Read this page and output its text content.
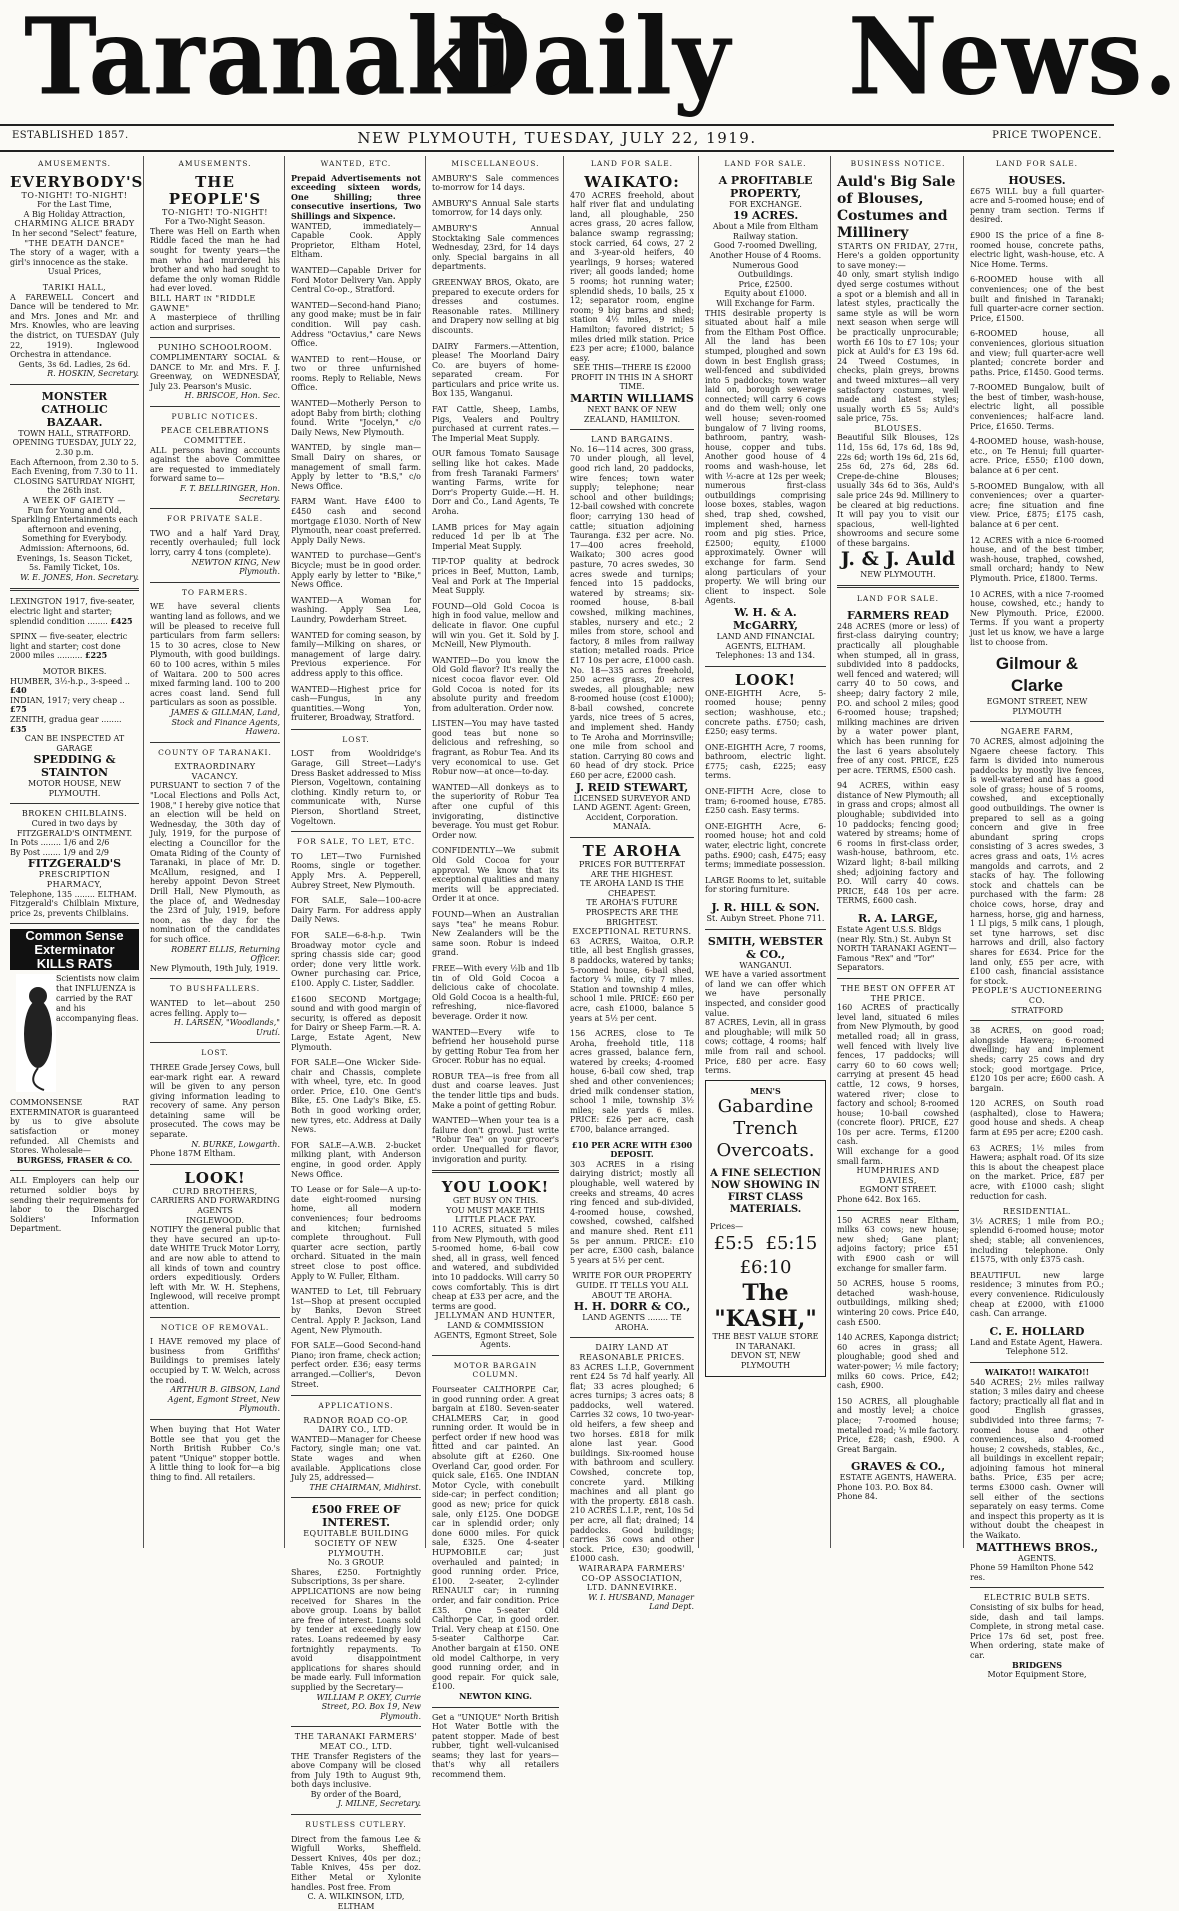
Taranaki
Daily News.
ESTABLISHED 1857.	NEW PLYMOUTH, TUESDAY, JULY 22, 1919.	PRICE TWOPENCE.
AMUSEMENTS.
EVERYBODY'S
TO-NIGHT! TO-NIGHT!
For the Last Time,
A Big Holiday Attraction,
CHARMING ALICE BRADY
In her second "Select" feature,
"THE DEATH DANCE"
The story of a wager, with a girl's innocence as the stake.
Usual Prices,
TARIKI HALL,
A FAREWELL Concert and Dance will be tendered to Mr. and Mrs. Jones and Mr. and Mrs. Knowles, who are leaving the district, on TUESDAY (July 22, 1919). Inglewood Orchestra in attendance.
Gents, 3s 6d. Ladies, 2s 6d.
R. HOSKIN, Secretary.
MONSTER
CATHOLIC
BAZAAR.
TOWN HALL, STRATFORD.
OPENING TUESDAY, JULY 22, 2.30 p.m.
Each Afternoon, from 2.30 to 5. Each Evening, from 7.30 to 11.
CLOSING SATURDAY NIGHT, the 26th inst.
A WEEK OF GAIETY —
Fun for Young and Old,
Sparkling Entertainments each afternoon and evening,
Something for Everybody.
Admission: Afternoons, 6d. Evenings, 1s. Season Ticket, 5s. Family Ticket, 10s.
W. E. JONES, Hon. Secretary.
LEXINGTON 1917, five-seater, electric light and starter; splendid condition ........ £425
SPINX — five-seater, electric light and starter; cost done 2000 miles .......... £225
MOTOR BIKES.
HUMBER, 3½-h.p., 3-speed .. £40
INDIAN, 1917; very cheap .. £75
ZENITH, gradua gear ........ £35
CAN BE INSPECTED AT GARAGE
SPEDDING & STAINTON
MOTOR HOUSE, NEW PLYMOUTH.
BROKEN CHILBLAINS.
Cured in two days by FITZGERALD'S OINTMENT.
In Pots ........ 1/6 and 2/6
By Post ....... 1/9 and 2/9
FITZGERALD'S
PRESCRIPTION PHARMACY,
Telephone, 135 ........ ELTHAM.
Fitzgerald's Chilblain Mixture, price 2s, prevents Chilblains.
Common Sense
Exterminator
KILLS RATS
Scientists now claim that INFLUENZA is carried by the RAT and his accompanying fleas.
COMMONSENSE RAT EXTERMINATOR is guaranteed by us to give absolute satisfaction or money refunded. All Chemists and Stores. Wholesale—
BURGESS, FRASER & CO.
ALL Employers can help our returned soldier boys by sending their requirements for labor to the Discharged Soldiers' Information Department.
AMUSEMENTS.
THE PEOPLE'S
TO-NIGHT! TO-NIGHT!
For a Two-Night Season.
There was Hell on Earth when Riddle faced the man he had sought for twenty years—the man who had murdered his brother and who had sought to defame the only woman Riddle had ever loved.
BILL HART in "RIDDLE GAWNE"
A masterpiece of thrilling action and surprises.
PUNIHO SCHOOLROOM.
COMPLIMENTARY SOCIAL & DANCE to Mr. and Mrs. F. J. Greenway, on WEDNESDAY, July 23. Pearson's Music.
H. BRISCOE, Hon. Sec.
PUBLIC NOTICES.
PEACE CELEBRATIONS COMMITTEE.
ALL persons having accounts against the above Committee are requested to immediately forward same to—
F. T. BELLRINGER, Hon. Secretary.
FOR PRIVATE SALE.
TWO and a half Yard Dray, recently overhauled; full lock lorry, carry 4 tons (complete).
NEWTON KING, New Plymouth.
TO FARMERS.
WE have several clients wanting land as follows, and we will be pleased to receive full particulars from farm sellers: 15 to 30 acres, close to New Plymouth, with good buildings. 60 to 100 acres, within 5 miles of Waitara. 200 to 500 acres mixed farming land. 100 to 200 acres coast land. Send full particulars as soon as possible.
JAMES & GILLMAN, Land, Stock and Finance Agents, Hawera.
COUNTY OF TARANAKI.
EXTRAORDINARY VACANCY.
PURSUANT to section 7 of the "Local Elections and Polls Act, 1908," I hereby give notice that an election will be held on Wednesday, the 30th day of July, 1919, for the purpose of electing a Councillor for the Omata Riding of the County of Taranaki, in place of Mr. D. McAllum, resigned, and I hereby appoint Devon Street Drill Hall, New Plymouth, as the place of, and Wednesday the 23rd of July, 1919, before noon, as the day for the nomination of the candidates for such office.
ROBERT ELLIS, Returning Officer.
New Plymouth, 19th July, 1919.
TO BUSHFALLERS.
WANTED to let—about 250 acres felling. Apply to—
H. LARSEN, "Woodlands," Urutí.
LOST.
THREE Grade Jersey Cows, bull ear-mark right ear. A reward will be given to any person giving information leading to recovery of same. Any person detaining same will be prosecuted. The cows may be separate.
N. BURKE, Lowgarth.
Phone 187M Eltham.
LOOK!
CURD BROTHERS,
CARRIERS AND FORWARDING AGENTS
INGLEWOOD.
NOTIFY the general public that they have secured an up-to-date WHITE Truck Motor Lorry, and are now able to attend to all kinds of town and country orders expeditiously. Orders left with Mr. W. H. Stephens, Inglewood, will receive prompt attention.
NOTICE OF REMOVAL.
I HAVE removed my place of business from Griffiths' Buildings to premises lately occupied by T. W. Welch, across the road.
ARTHUR B. GIBSON, Land Agent, Egmont Street, New Plymouth.
When buying that Hot Water Bottle see that you get the North British Rubber Co.'s patent "Unique" stopper bottle. A little thing to look for—a big thing to find. All retailers.
WANTED, ETC.
Prepaid Advertisements not exceeding sixteen words, One Shilling; three consecutive insertions, Two Shillings and Sixpence.
WANTED, immediately—Capable Cook. Apply Proprietor, Eltham Hotel, Eltham.
WANTED—Capable Driver for Ford Motor Delivery Van. Apply Central Co-op., Stratford.
WANTED—Second-hand Piano; any good make; must be in fair condition. Will pay cash. Address "Octavius," care News Office.
WANTED to rent—House, or two or three unfurnished rooms. Reply to Reliable, News Office.
WANTED—Motherly Person to adopt Baby from birth; clothing found. Write "Jocelyn," c/o Daily News, New Plymouth.
WANTED, by single man—Small Dairy on shares, or management of small farm. Apply by letter to "B.S," c/o News Office.
FARM Want. Have £400 to £450 cash and second mortgage £1030. North of New Plymouth, near coast preferred. Apply Daily News.
WANTED to purchase—Gent's Bicycle; must be in good order. Apply early by letter to "Bike," News Office.
WANTED—A Woman for washing. Apply Sea Lea, Laundry, Powderham Street.
WANTED for coming season, by family—Milking on shares, or management of large dairy. Previous experience. For address apply to this office.
WANTED—Highest price for cash—Fungus, in any quantities.—Wong Yon, fruiterer, Broadway, Stratford.
LOST.
LOST from Wooldridge's Garage, Gill Street—Lady's Dress Basket addressed to Miss Pierson, Vogeltown, containing clothing. Kindly return to, or communicate with, Nurse Pierson, Shortland Street, Vogeltown.
FOR SALE, TO LET, ETC.
TO LET—Two Furnished Rooms, single or together. Apply Mrs. A. Pepperell, Aubrey Street, New Plymouth.
FOR SALE, Sale—100-acre Dairy Farm. For address apply Daily News.
FOR SALE—6-8-h.p. Twin Broadway motor cycle and spring chassis side car; good order; done very little work. Owner purchasing car. Price, £100. Apply C. Lister, Saddler.
£1600 SECOND Mortgage; sound and with good margin of security, is offered as deposit for Dairy or Sheep Farm.—R. A. Large, Estate Agent, New Plymouth.
FOR SALE—One Wicker Side-chair and Chassis, complete with wheel, tyre, etc. In good order. Price, £10. One Gent's Bike, £5. One Lady's Bike, £5. Both in good working order, new tyres, etc. Address at Daily News.
FOR SALE—A.W.B. 2-bucket milking plant, with Anderson engine, in good order. Apply News Office.
TO Lease or for Sale—A up-to-date eight-roomed nursing home, all modern conveniences; four bedrooms and kitchen; furnished complete throughout. Full quarter acre section, partly orchard. Situated in the main street close to post office. Apply to W. Fuller, Eltham.
WANTED to Let, till February 1st—Shop at present occupied by Banks, Devon Street Central. Apply P. Jackson, Land Agent, New Plymouth.
FOR SALE—Good Second-hand Piano; iron frame, check action; perfect order. £36; easy terms arranged.—Collier's, Devon Street.
APPLICATIONS.
RADNOR ROAD CO-OP. DAIRY CO., LTD.
WANTED—Manager for Cheese Factory, single man; one vat. State wages and when available. Applications close July 25, addressed—
THE CHAIRMAN, Midhirst.
£500 FREE OF INTEREST.
EQUITABLE BUILDING SOCIETY OF NEW PLYMOUTH.
No. 3 GROUP.
Shares, £250. Fortnightly Subscriptions, 3s per share.
APPLICATIONS are now being received for Shares in the above group. Loans by ballot are free of interest. Loans sold by tender at exceedingly low rates. Loans redeemed by easy fortnightly repayments. To avoid disappointment applications for shares should be made early. Full information supplied by the Secretary—
WILLIAM P. OKEY, Currie Street, P.O. Box 19, New Plymouth.
THE TARANAKI FARMERS' MEAT CO., LTD.
THE Transfer Registers of the above Company will be closed from July 19th to August 9th, both days inclusive.
By order of the Board,
J. MILNE, Secretary.
RUSTLESS CUTLERY.
Direct from the famous Lee & Wigfull Works, Sheffield. Dessert Knives, 40s per doz.; Table Knives, 45s per doz. Either Metal or Xylonite handles. Post free. From
C. A. WILKINSON, LTD, ELTHAM
MISCELLANEOUS.
AMBURY'S Sale commences to-morrow for 14 days.
AMBURY'S Annual Sale starts tomorrow, for 14 days only.
AMBURY'S Annual Stocktaking Sale commences Wednesday, 23rd, for 14 days only. Special bargains in all departments.
GREENWAY BROS, Okato, are prepared to execute orders for dresses and costumes. Reasonable rates. Millinery and Drapery now selling at big discounts.
DAIRY Farmers.—Attention, please! The Moorland Dairy Co. are buyers of home-separated cream. For particulars and price write us. Box 135, Wanganui.
FAT Cattle, Sheep, Lambs, Pigs, Vealers and Poultry purchased at current rates.—The Imperial Meat Supply.
OUR famous Tomato Sausage selling like hot cakes. Made from fresh Taranaki Farmers' wanting Farms, write for Dorr's Property Guide.—H. H. Dorr and Co., Land Agents, Te Aroha.
LAMB prices for May again reduced 1d per lb at The Imperial Meat Supply.
TIP-TOP quality at bedrock prices in Beef, Mutton, Lamb, Veal and Pork at The Imperial Meat Supply.
FOUND—Old Gold Cocoa is high in food value, mellow and delicate in flavor. One cupful will win you. Get it. Sold by J. McNeill, New Plymouth.
WANTED—Do you know the Old Gold flavor? It's really the nicest cocoa flavor ever. Old Gold Cocoa is noted for its absolute purity and freedom from adulteration. Order now.
LISTEN—You may have tasted good teas but none so delicious and refreshing, so fragrant, as Robur Tea. And its very economical to use. Get Robur now—at once—to-day.
WANTED—All donkeys as to the superiority of Robur Tea after one cupful of this invigorating, distinctive beverage. You must get Robur. Order now.
CONFIDENTLY—We submit Old Gold Cocoa for your approval. We know that its exceptional qualities and many merits will be appreciated. Order it at once.
FOUND—When an Australian says "tea" he means Robur. New Zealanders will be the same soon. Robur is indeed grand.
FREE—With every ½lb and 1lb tin of Old Gold Cocoa a delicious cake of chocolate. Old Gold Cocoa is a health-ful, refreshing, nice-flavored beverage. Order it now.
WANTED—Every wife to befriend her household purse by getting Robur Tea from her Grocer. Robur has no equal.
ROBUR TEA—is free from all dust and coarse leaves. Just the tender little tips and buds. Make a point of getting Robur.
WANTED—When your tea is a failure don't growl. Just write "Robur Tea" on your grocer's order. Unequalled for flavor, invigoration and purity.
YOU LOOK!
GET BUSY ON THIS.
YOU MUST MAKE THIS LITTLE PLACE PAY.
110 ACRES, situated 5 miles from New Plymouth, with good 5-roomed home, 6-bail cow shed, all in grass, well fenced and watered, and subdivided into 10 paddocks. Will carry 50 cows comfortably. This is dirt cheap at £33 per acre, and the terms are good.
JELLYMAN AND HUNTER,
LAND & COMMISSION AGENTS, Egmont Street, Sole Agents.
MOTOR BARGAIN COLUMN.
Fourseater CALTHORPE Car, in good running order. A great bargain at £180. Seven-seater CHALMERS Car, in good running order. It would be in perfect order if new hood was fitted and car painted. An absolute gift at £260. One Overland Car, good order. For quick sale, £165. One INDIAN Motor Cycle, with conebuilt side-car; in perfect condition; good as new; price for quick sale, only £125. One DODGE car in splendid order; only done 6000 miles. For quick sale, £325. One 4-seater HUPMOBILE car; just overhauled and painted; in good running order. Price, £100. 2-seater, 2-cylinder RENAULT car; in running order, and fair condition. Price £35. One 5-seater Old Calthorpe Car, in good order. Trial. Very cheap at £150. One 5-seater Calthorpe Car. Another bargain at £150. ONE old model Calthorpe, in very good running order, and in good repair. For quick sale, £100.
NEWTON KING.
Get a "UNIQUE" North British Hot Water Bottle with the patent stopper. Made of best rubber, tight well-vulcanised seams; they last for years—that's why all retailers recommend them.
LAND FOR SALE.
WAIKATO:
470 ACRES freehold, about half river flat and undulating land, all ploughable, 250 acres grass, 20 acres fallow, balance swamp regrassing; stock carried, 64 cows, 27 2 and 3-year-old heifers, 40 yearlings, 9 horses; watered river; all goods landed; home 5 rooms; hot running water; splendid sheds, 10 bails, 25 x 12; separator room, engine room; 9 big barns and shed; station 4½ miles, 9 miles Hamilton; favored district; 5 miles dried milk station. Price £23 per acre; £1000, balance easy.
SEE THIS—THERE IS £2000 PROFIT IN THIS IN A SHORT TIME.
MARTIN WILLIAMS
NEXT BANK OF NEW ZEALAND, HAMILTON.
LAND BARGAINS.
No. 16—114 acres, 300 grass, 70 under plough, all level, good rich land, 20 paddocks, wire fences; town water supply; telephone; near school and other buildings; 12-bail cowshed with concrete floor; carrying 130 head of cattle; situation adjoining Tauranga. £32 per acre. No. 17—400 acres freehold, Waikato; 300 acres good pasture, 70 acres swedes, 30 acres swede and turnips; fenced into 15 paddocks, watered by streams; six-roomed house, 8-bail cowshed, milking machines, stables, nursery and etc.; 2 miles from store, school and factory, 8 miles from railway station; metalled roads. Price £17 10s per acre, £1000 cash. No. 18—335 acres freehold, 250 acres grass, 20 acres swedes, all ploughable; new 8-roomed house (cost £1000); 8-bail cowshed, concrete yards, nice trees of 5 acres, and implement shed. Handy to Te Aroha and Morrinsville; one mile from school and station. Carrying 80 cows and 60 head of dry stock. Price £60 per acre, £2000 cash.
J. REID STEWART,
LICENSED SURVEYOR AND LAND AGENT. Agent: Green, Accident, Corporation.
MANAIA.
TE AROHA
PRICES FOR BUTTERFAT ARE THE HIGHEST.
TE AROHA LAND IS THE CHEAPEST.
TE AROHA'S FUTURE PROSPECTS ARE THE BRIGHTEST.
EXCEPTIONAL RETURNS.
63 ACRES, Waitoa, O.R.P. title, all best English grasses, 8 paddocks, watered by tanks; 5-roomed house, 6-bail shed, factory ¼ mile, city 7 miles. Station and township 4 miles, school 1 mile. PRICE: £60 per acre, cash £1000, balance 5 years at 5½ per cent.
156 ACRES, close to Te Aroha, freehold title, 118 acres grassed, balance fern, watered by creeks; 4-roomed house, 6-bail cow shed, trap shed and other conveniences; dried milk condenser station, school 1 mile, township 3½ miles; sale yards 6 miles. PRICE: £26 per acre, cash £700, balance arranged.
£10 PER ACRE WITH £300 DEPOSIT.
303 ACRES in a rising dairying district; mostly all ploughable, well watered by creeks and streams, 40 acres ring fenced and sub-divided, 4-roomed house, cowshed, cowshed, cowshed, calfshed and manure shed. Rent £11 5s per annum. PRICE: £10 per acre, £300 cash, balance 5 years at 5½ per cent.
WRITE FOR OUR PROPERTY GUIDE. IT TELLS YOU ALL ABOUT TE AROHA.
H. H. DORR & CO.,
LAND AGENTS ........ TE AROHA.
DAIRY LAND AT REASONABLE PRICES.
83 ACRES L.I.P., Government rent £24 5s 7d half yearly. All flat; 33 acres ploughed; 6 acres turnips; 3 acres oats; 8 paddocks, well watered. Carries 32 cows, 10 two-year-old heifers, a few sheep and two horses. £818 for milk alone last year. Good buildings. Six-roomed house with bathroom and scullery. Cowshed, concrete top, concrete yard. Milking machines and all plant go with the property. £818 cash. 210 ACRES L.I.P., rent, 10s 5d per acre, all flat; drained; 14 paddocks. Good buildings; carries 36 cows and other stock. Price, £30; goodwill, £1000 cash.
WAIRARAPA FARMERS' CO-OP ASSOCIATION, LTD. DANNEVIRKE.
W. I. HUSBAND, Manager Land Dept.
LAND FOR SALE.
A PROFITABLE PROPERTY,
FOR EXCHANGE.
19 ACRES.
About a Mile from Eltham Railway station.
Good 7-roomed Dwelling,
Another House of 4 Rooms.
Numerous Good Outbuildings.
Price, £2500.
Equity about £1000.
Will Exchange for Farm.
THIS desirable property is situated about half a mile from the Eltham Post Office. All the land has been stumped, ploughed and sown down in best English grass; well-fenced and subdivided into 5 paddocks; town water laid on, borough sewerage connected; will carry 6 cows and do them well; only one well house; seven-roomed bungalow of 7 living rooms, bathroom, pantry, wash-house, copper and tubs. Another good house of 4 rooms and wash-house, let with ½-acre at 12s per week; numerous first-class outbuildings comprising loose boxes, stables, wagon shed, trap shed, cowshed, implement shed, harness room and pig sties. Price, £2500; equity, £1000 approximately. Owner will exchange for farm. Send along particulars of your property. We will bring our client to inspect. Sole Agents.
W. H. & A. McGARRY,
LAND AND FINANCIAL AGENTS, ELTHAM.
Telephones: 13 and 134.
LOOK!
ONE-EIGHTH Acre, 5-roomed house; penny section; washhouse, etc.; concrete paths. £750; cash, £250; easy terms.
ONE-EIGHTH Acre, 7 rooms, bathroom, electric light. £775; cash, £225; easy terms.
ONE-FIFTH Acre, close to tram; 6-roomed house, £785. £250 cash. Easy terms.
ONE-EIGHTH Acre, 6-roomed house; hot and cold water, electric light, concrete paths. £900; cash, £475; easy terms; immediate possession.
LARGE Rooms to let, suitable for storing furniture.
J. R. HILL & SON.
St. Aubyn Street. Phone 711.
SMITH, WEBSTER & CO.,
WANGANUI.
WE have a varied assortment of land we can offer which we have personally inspected, and consider good value.
87 ACRES, Levin, all in grass and ploughable; will milk 50 cows; cottage, 4 rooms; half mile from rail and school. Price, £80 per acre. Easy terms.
MEN'S
Gabardine
Trench
Overcoats.
A FINE SELECTION NOW SHOWING IN FIRST CLASS MATERIALS.
Prices—
£5:5 £5:15
£6:10
The "KASH,"
THE BEST VALUE STORE IN TARANAKI.
DEVON ST, NEW PLYMOUTH
BUSINESS NOTICE.
Auld's Big Sale of Blouses, Costumes and Millinery
STARTS ON FRIDAY, 27th,
Here's a golden opportunity to save money:—
40 only, smart stylish indigo dyed serge costumes without a spot or a blemish and all in latest styles, practically the same style as will be worn next season when serge will be practically unprocurable; worth £6 10s to £7 10s; your pick at Auld's for £3 19s 6d. 24 Tweed Costumes, in checks, plain greys, browns and tweed mixtures—all very satisfactory costumes, well made and latest styles; usually worth £5 5s; Auld's sale price, 75s.
BLOUSES.
Beautiful Silk Blouses, 12s 11d, 15s 6d, 17s 6d, 18s 9d, 22s 6d; worth 19s 6d, 21s 6d, 25s 6d, 27s 6d, 28s 6d. Crepe-de-chine Blouses; usually 34s 6d to 36s, Auld's sale price 24s 9d. Millinery to be cleared at big reductions. It will pay you to visit our spacious, well-lighted showrooms and secure some of these bargains.
J. & J. Auld
NEW PLYMOUTH.
LAND FOR SALE.
FARMERS READ
248 ACRES (more or less) of first-class dairying country; practically all ploughable when stumped, all in grass, subdivided into 8 paddocks, well fenced and watered; will carry 40 to 50 cows, and sheep; dairy factory 2 mile, P.O. and school 2 miles; good 6-roomed house; trapshed; milking machines are driven by a water power plant, which has been running for the last 6 years absolutely free of any cost. PRICE, £25 per acre. TERMS, £500 cash.
94 ACRES, within easy distance of New Plymouth; all in grass and crops; almost all ploughable; subdivided into 10 paddocks; fencing good; watered by streams; home of 6 rooms in first-class order, wash-house, bathroom, etc. Wizard light; 8-bail milking shed; adjoining factory and P.O. Will carry 40 cows. PRICE, £48 10s per acre. TERMS, £600 cash.
R. A. LARGE,
Estate Agent U.S.S. Bldgs (near Rly. Stn.) St. Aubyn St
NORTH TARANAKI AGENT—
Famous "Rex" and "Tor" Separators.
THE BEST ON OFFER AT THE PRICE.
160 ACRES of practically level land, situated 6 miles from New Plymouth, by good metalled road; all in grass, well fenced with lively live fences, 17 paddocks; will carry 60 to 60 cows well; carrying at present 45 head cattle, 12 cows, 9 horses, watered river; close to factory and school; 8-roomed house; 10-bail cowshed (concrete floor). PRICE, £27 10s per acre. Terms, £1200 cash.
Will exchange for a good small farm.
HUMPHRIES AND DAVIES,
EGMONT STREET.
Phone 642. Box 165.
150 ACRES near Eltham, milks 63 cows; new house; new shed; Gane plant; adjoins factory; price £51 with £900 cash or will exchange for smaller farm.
50 ACRES, house 5 rooms, detached wash-house, outbuildings, milking shed; wintering 20 cows. Price £40, cash £500.
140 ACRES, Kaponga district; 60 acres in grass; all ploughable; good shed and water-power; ½ mile factory; milks 60 cows. Price, £42; cash, £900.
150 ACRES, all ploughable and mostly level; a choice place; 7-roomed house; metalled road; ¼ mile factory. Price, £28; cash, £900. A Great Bargain.
GRAVES & CO.,
ESTATE AGENTS, HAWERA.
Phone 103. P.O. Box 84. Phone 84.
LAND FOR SALE.
HOUSES.
£675 WILL buy a full quarter-acre and 5-roomed house; end of penny tram section. Terms if desired.
£900 IS the price of a fine 8-roomed house, concrete paths, electric light, wash-house, etc. A Nice Home. Terms.
6-ROOMED house with all conveniences; one of the best built and finished in Taranaki; full quarter-acre corner section. Price, £1500.
6-ROOMED house, all conveniences, glorious situation and view; full quarter-acre well planted; concrete border and paths. Price, £1450. Good terms.
7-ROOMED Bungalow, built of the best of timber, wash-house, electric light, all possible conveniences; half-acre land. Price, £1650. Terms.
4-ROOMED house, wash-house, etc., on Te Henui; full quarter-acre. Price, £550; £100 down, balance at 6 per cent.
5-ROOMED Bungalow, with all conveniences; over a quarter-acre; fine situation and fine view. Price, £875; £175 cash, balance at 6 per cent.
12 ACRES with a nice 6-roomed house, and of the best timber, wash-house, traphed, cowshed, small orchard; handy to New Plymouth. Price, £1800. Terms.
10 ACRES, with a nice 7-roomed house, cowshed, etc.; handy to New Plymouth. Price, £2000. Terms. If you want a property just let us know, we have a large list to choose from.
Gilmour & Clarke
EGMONT STREET, NEW PLYMOUTH
NGAERE FARM,
70 ACRES, almost adjoining the Ngaere cheese factory. This farm is divided into numerous paddocks by mostly live fences, is well-watered and has a good sole of grass; house of 5 rooms, cowshed, and exceptionally good outbuildings. The owner is prepared to sell as a going concern and give in free abundant spring crops consisting of 3 acres swedes, 3 acres grass and oats, 1½ acres mangolds and carrots, and 2 stacks of hay. The following stock and chattels can be purchased with the farm: 28 choice cows, horse, dray and harness, horse, gig and harness, 1 Ll pigs, 5 milk cans, 1 plough, set tyne harrows, set disc harrows and drill, also factory shares for £634. Price for the land only, £55 per acre, with £100 cash, financial assistance for stock.
PEOPLE'S AUCTIONEERING CO.
STRATFORD
38 ACRES, on good road; alongside Hawera; 6-roomed dwelling; hay and implement sheds; carry 25 cows and dry stock; good mortgage. Price, £120 10s per acre; £600 cash. A bargain.
120 ACRES, on South road (asphalted), close to Hawera; good house and sheds. A cheap farm at £95 per acre; £200 cash.
63 ACRES; 1½ miles from Hawera; asphalt road. Of its size this is about the cheapest place on the market. Price, £87 per acre, with £1000 cash; slight reduction for cash.
RESIDENTIAL.
3½ ACRES; 1 mile from P.O.; splendid 6-roomed house; motor shed; stable; all conveniences, including telephone. Only £1575, with only £375 cash.
BEAUTIFUL new large residence; 3 minutes from P.O.; every convenience. Ridiculously cheap at £2000, with £1000 cash. Can arrange.
C. E. HOLLARD
Land and Estate Agent, Hawera.
Telephone 512.
WAIKATO!! WAIKATO!!
540 ACRES; 2½ miles railway station; 3 miles dairy and cheese factory; practically all flat and in good English grasses, subdivided into three farms; 7-roomed house and other conveniences, also 4-roomed house; 2 cowsheds, stables, &c., all buildings in excellent repair; adjoining famous hot mineral baths. Price, £35 per acre; terms £3000 cash. Owner will sell either of the sections separately on easy terms. Come and inspect this property as it is without doubt the cheapest in the Waikato.
MATTHEWS BROS.,
AGENTS.
Phone 59 Hamilton Phone 542 res.
ELECTRIC BULB SETS.
Consisting of six bulbs for head, side, dash and tail lamps. Complete, in strong metal case. Price 17s 6d set, post free. When ordering, state make of car.
BRIDGENS
Motor Equipment Store,
